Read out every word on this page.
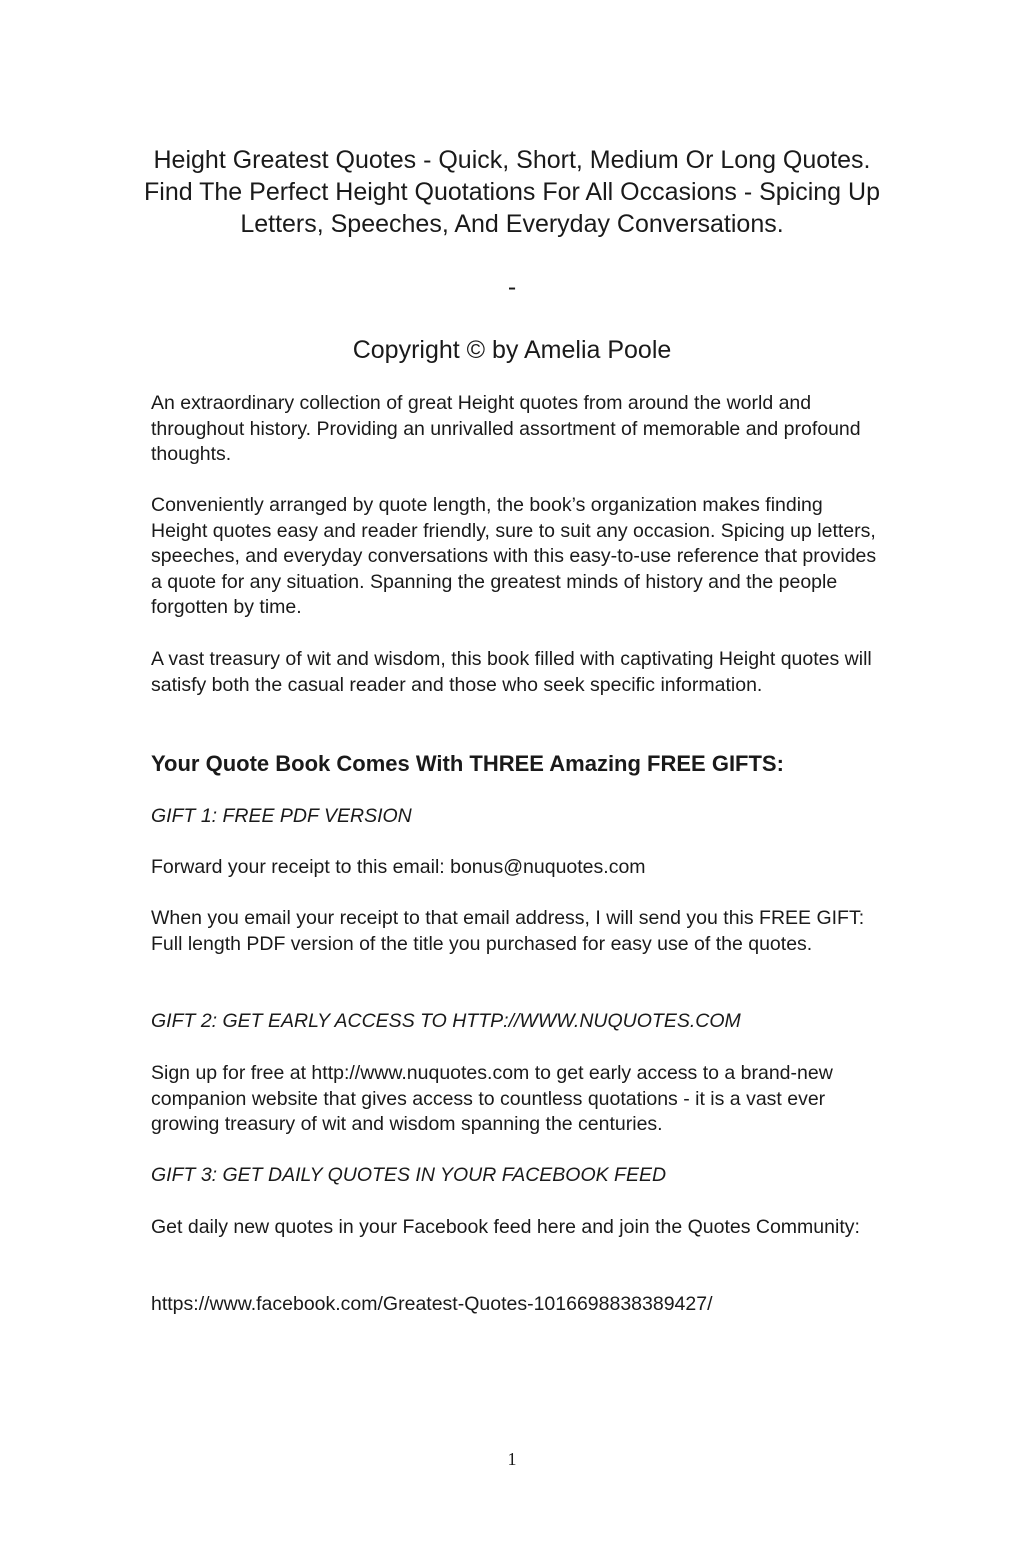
Height Greatest Quotes - Quick, Short, Medium Or Long Quotes. Find The Perfect Height Quotations For All Occasions - Spicing Up Letters, Speeches, And Everyday Conversations.
-
Copyright © by Amelia Poole

An extraordinary collection of great Height quotes from around the world and throughout history. Providing an unrivalled assortment of memorable and profound thoughts.

Conveniently arranged by quote length, the book’s organization makes finding Height quotes easy and reader friendly, sure to suit any occasion. Spicing up letters, speeches, and everyday conversations with this easy-to-use reference that provides a quote for any situation. Spanning the greatest minds of history and the people forgotten by time.

A vast treasury of wit and wisdom, this book filled with captivating Height quotes will satisfy both the casual reader and those who seek specific information.

Your Quote Book Comes With THREE Amazing FREE GIFTS:

GIFT 1: FREE PDF VERSION

Forward your receipt to this email: bonus@nuquotes.com

When you email your receipt to that email address, I will send you this FREE GIFT: Full length PDF version of the title you purchased for easy use of the quotes.

GIFT 2: GET EARLY ACCESS TO HTTP://WWW.NUQUOTES.COM

Sign up for free at http://www.nuquotes.com to get early access to a brand-new companion website that gives access to countless quotations - it is a vast ever growing treasury of wit and wisdom spanning the centuries.

GIFT 3: GET DAILY QUOTES IN YOUR FACEBOOK FEED

Get daily new quotes in your Facebook feed here and join the Quotes Community:

https://www.facebook.com/Greatest-Quotes-1016698838389427/

1
